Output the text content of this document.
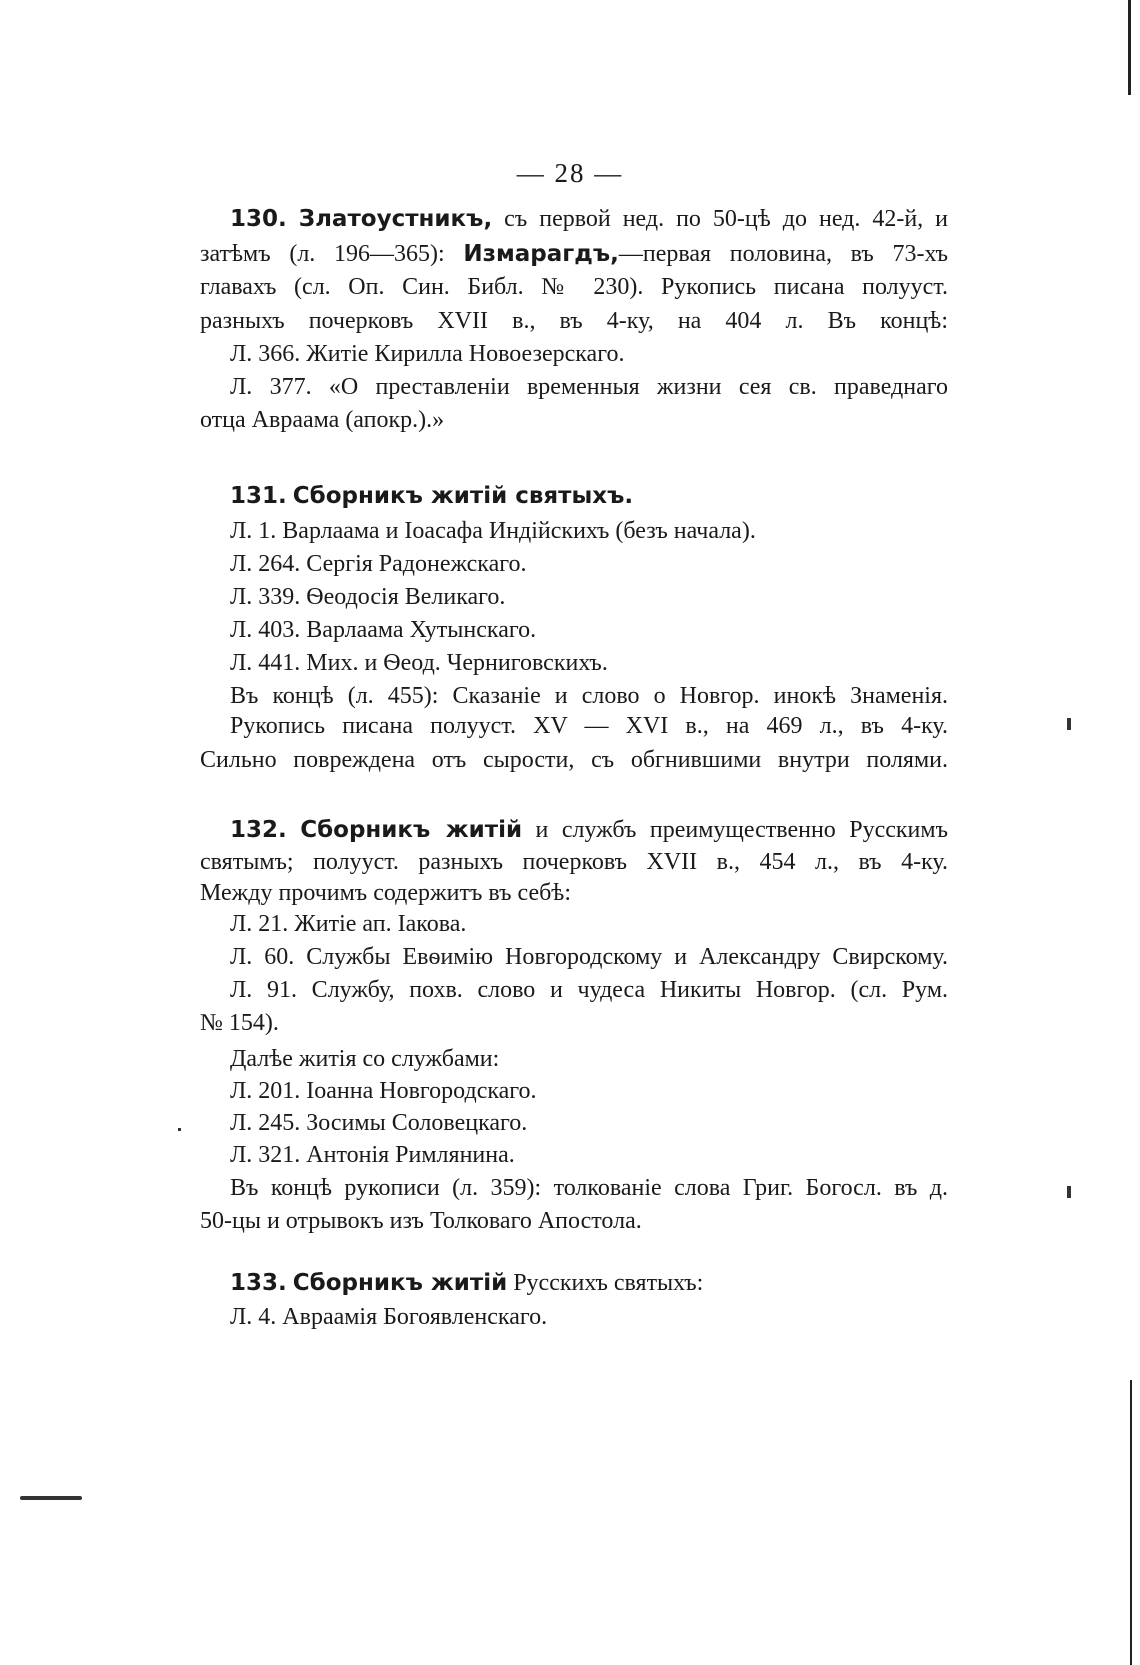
— 28 —
130. Златоустникъ, съ первой нед. по 50-цѣ до нед. 42-й, и
затѣмъ (л. 196—365): Измарагдъ,—первая половина, въ 73-хъ
главахъ (сл. Оп. Син. Библ. № 230). Рукопись писана полууст.
разныхъ почерковъ XVII в., въ 4-ку, на 404 л. Въ концѣ:
Л. 366. Житіе Кирилла Новоезерскаго.
Л. 377. «О преставленіи временныя жизни сея св. праведнаго
отца Авраама (апокр.).»
131. Сборникъ житій святыхъ.
Л. 1. Варлаама и Іоасафа Индійскихъ (безъ начала).
Л. 264. Сергія Радонежскаго.
Л. 339. Ѳеодосія Великаго.
Л. 403. Варлаама Хутынскаго.
Л. 441. Мих. и Ѳеод. Черниговскихъ.
Въ концѣ (л. 455): Сказаніе и слово о Новгор. инокѣ Знаменія.
Рукопись писана полууст. XV — XVI в., на 469 л., въ 4-ку.
Сильно повреждена отъ сырости, съ обгнившими внутри полями.
132. Сборникъ житій и службъ преимущественно Русскимъ
святымъ; полууст. разныхъ почерковъ XVII в., 454 л., въ 4-ку.
Между прочимъ содержитъ въ себѣ:
Л. 21. Житіе ап. Іакова.
Л. 60. Службы Евѳимію Новгородскому и Александру Свирскому.
Л. 91. Службу, похв. слово и чудеса Никиты Новгор. (сл. Рум.
№ 154).
Далѣе житія со службами:
Л. 201. Іоанна Новгородскаго.
Л. 245. Зосимы Соловецкаго.
Л. 321. Антонія Римлянина.
Въ концѣ рукописи (л. 359): толкованіе слова Григ. Богосл. въ д.
50-цы и отрывокъ изъ Толковаго Апостола.
133. Сборникъ житій Русскихъ святыхъ:
Л. 4. Авраамія Богоявленскаго.
